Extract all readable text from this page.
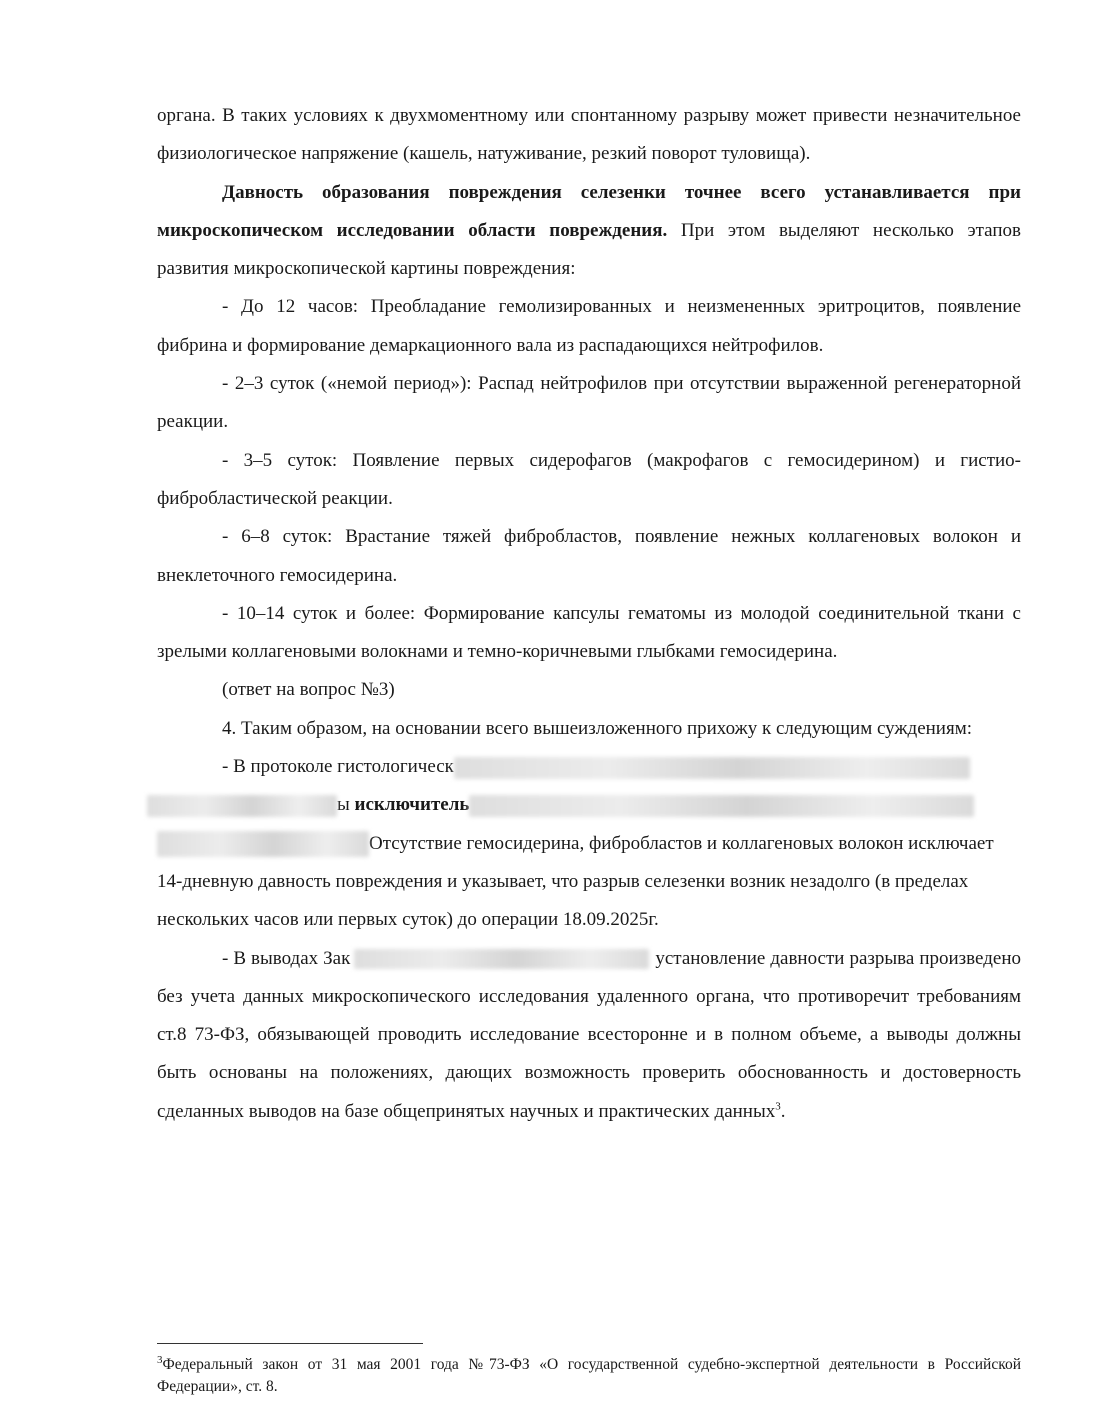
органа. В таких условиях к двухмоментному или спонтанному разрыву может привести незначительное физиологическое напряжение (кашель, натуживание, резкий поворот туловища).

Давность образования повреждения селезенки точнее всего устанавливается при микроскопическом исследовании области повреждения. При этом выделяют несколько этапов развития микроскопической картины повреждения:

- До 12 часов: Преобладание гемолизированных и неизмененных эритроцитов, появление фибрина и формирование демаркационного вала из распадающихся нейтрофилов.

- 2–3 суток («немой период»): Распад нейтрофилов при отсутствии выраженной регенераторной реакции.

- 3–5 суток: Появление первых сидерофагов (макрофагов с гемосидерином) и гистио-фибробластической реакции.

- 6–8 суток: Врастание тяжей фибробластов, появление нежных коллагеновых волокон и внеклеточного гемосидерина.

- 10–14 суток и более: Формирование капсулы гематомы из молодой соединительной ткани с зрелыми коллагеновыми волокнами и темно-коричневыми глыбками гемосидерина.

(ответ на вопрос №3)

4. Таким образом, на основании всего вышеизложенного прихожу к следующим суждениям:

- В протоколе гистологическ
ы исключитель
Отсутствие гемосидерина, фибробластов и коллагеновых волокон исключает 14-дневную давность повреждения и указывает, что разрыв селезенки возник незадолго (в пределах нескольких часов или первых суток) до операции 18.09.2025г.

- В выводах Зак	установление давности разрыва произведено без учета данных микроскопического исследования удаленного органа, что противоречит требованиям ст.8 73-ФЗ, обязывающей проводить исследование всесторонне и в полном объеме, а выводы должны быть основаны на положениях, дающих возможность проверить обоснованность и достоверность сделанных выводов на базе общепринятых научных и практических данных$^3$.

$^3$Федеральный закон от 31 мая 2001 года №73-ФЗ «О государственной судебно-экспертной деятельности в Российской Федерации», ст. 8.
